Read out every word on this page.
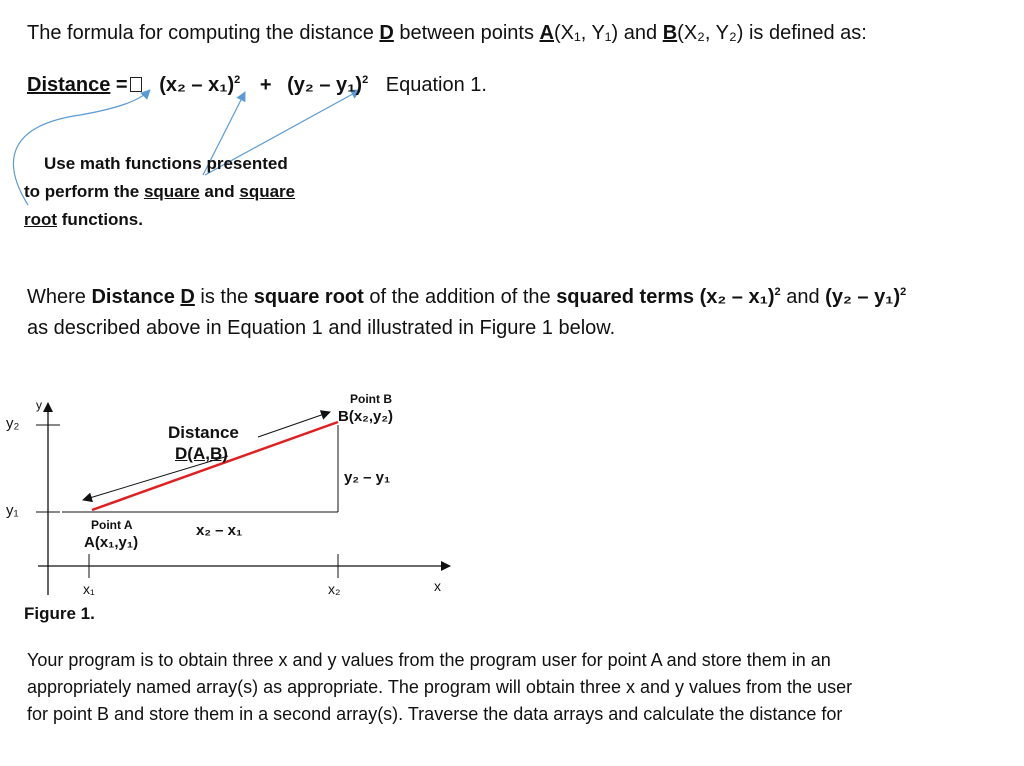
The formula for computing the distance D between points A(X₁, Y₁) and B(X₂, Y₂) is defined as:
Distance = (x₂ – x₁)$^2$ + (y₂ – y₁)$^2$ Equation 1.
Use math functions presented
to perform the square and square
root functions.
Where Distance D is the square root of the addition of the squared terms (x₂ – x₁)$^2$ and (y₂ – y₁)$^2$
as described above in Equation 1 and illustrated in Figure 1 below.
y₂
y₁
y
x
x₁	x₂
Point B
B(x₂,y₂)
Point A
A(x₁,y₁)
Distance
D(A,B)
y₂ – y₁
x₂ – x₁
Figure 1.
Your program is to obtain three x and y values from the program user for point A and store them in an
appropriately named array(s) as appropriate. The program will obtain three x and y values from the user
for point B and store them in a second array(s). Traverse the data arrays and calculate the distance for
